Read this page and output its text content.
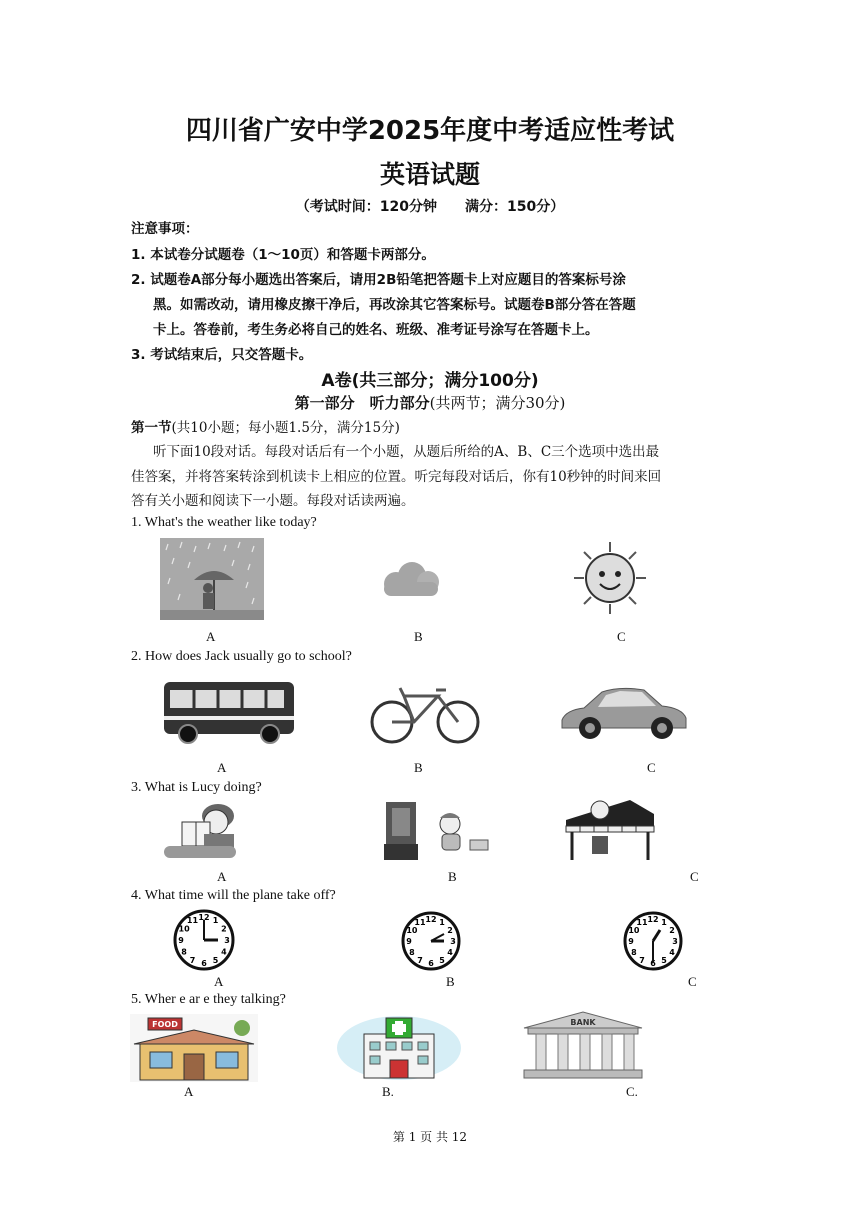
四川省广安中学2025年度中考适应性考试
英语试题
（考试时间：120分钟　　满分：150分）
注意事项：
1. 本试卷分试题卷（1～10页）和答题卡两部分。
2. 试题卷A部分每小题选出答案后，请用2B铅笔把答题卡上对应题目的答案标号涂
黑。如需改动，请用橡皮擦干净后，再改涂其它答案标号。试题卷B部分答在答题
卡上。答卷前，考生务必将自己的姓名、班级、准考证号涂写在答题卡上。
3. 考试结束后，只交答题卡。
A卷(共三部分；满分100分)
第一部分　听力部分(共两节；满分30分)
第一节(共10小题；每小题1.5分，满分15分)
听下面10段对话。每段对话后有一个小题，从题后所给的A、B、C三个选项中选出最
佳答案，并将答案转涂到机读卡上相应的位置。听完每段对话后，你有10秒钟的时间来回
答有关小题和阅读下一小题。每段对话读两遍。
1. What's the weather like today?
A	B	C
2. How does Jack usually go to school?
A	B	C
3. What is Lucy doing?
A	B	C
4. What time will the plane take off?
1
2
3
4
5
6
7
8
9
10
11 12
1
2
3
4
5
6
7
8
9
10
11 12	1
2
3
4
5
6
7
8
9
10
11 12
A	B	C
5. Wher e ar e they talking?
FOOD	BANK
A	B.	C.
第 1 页 共 12
